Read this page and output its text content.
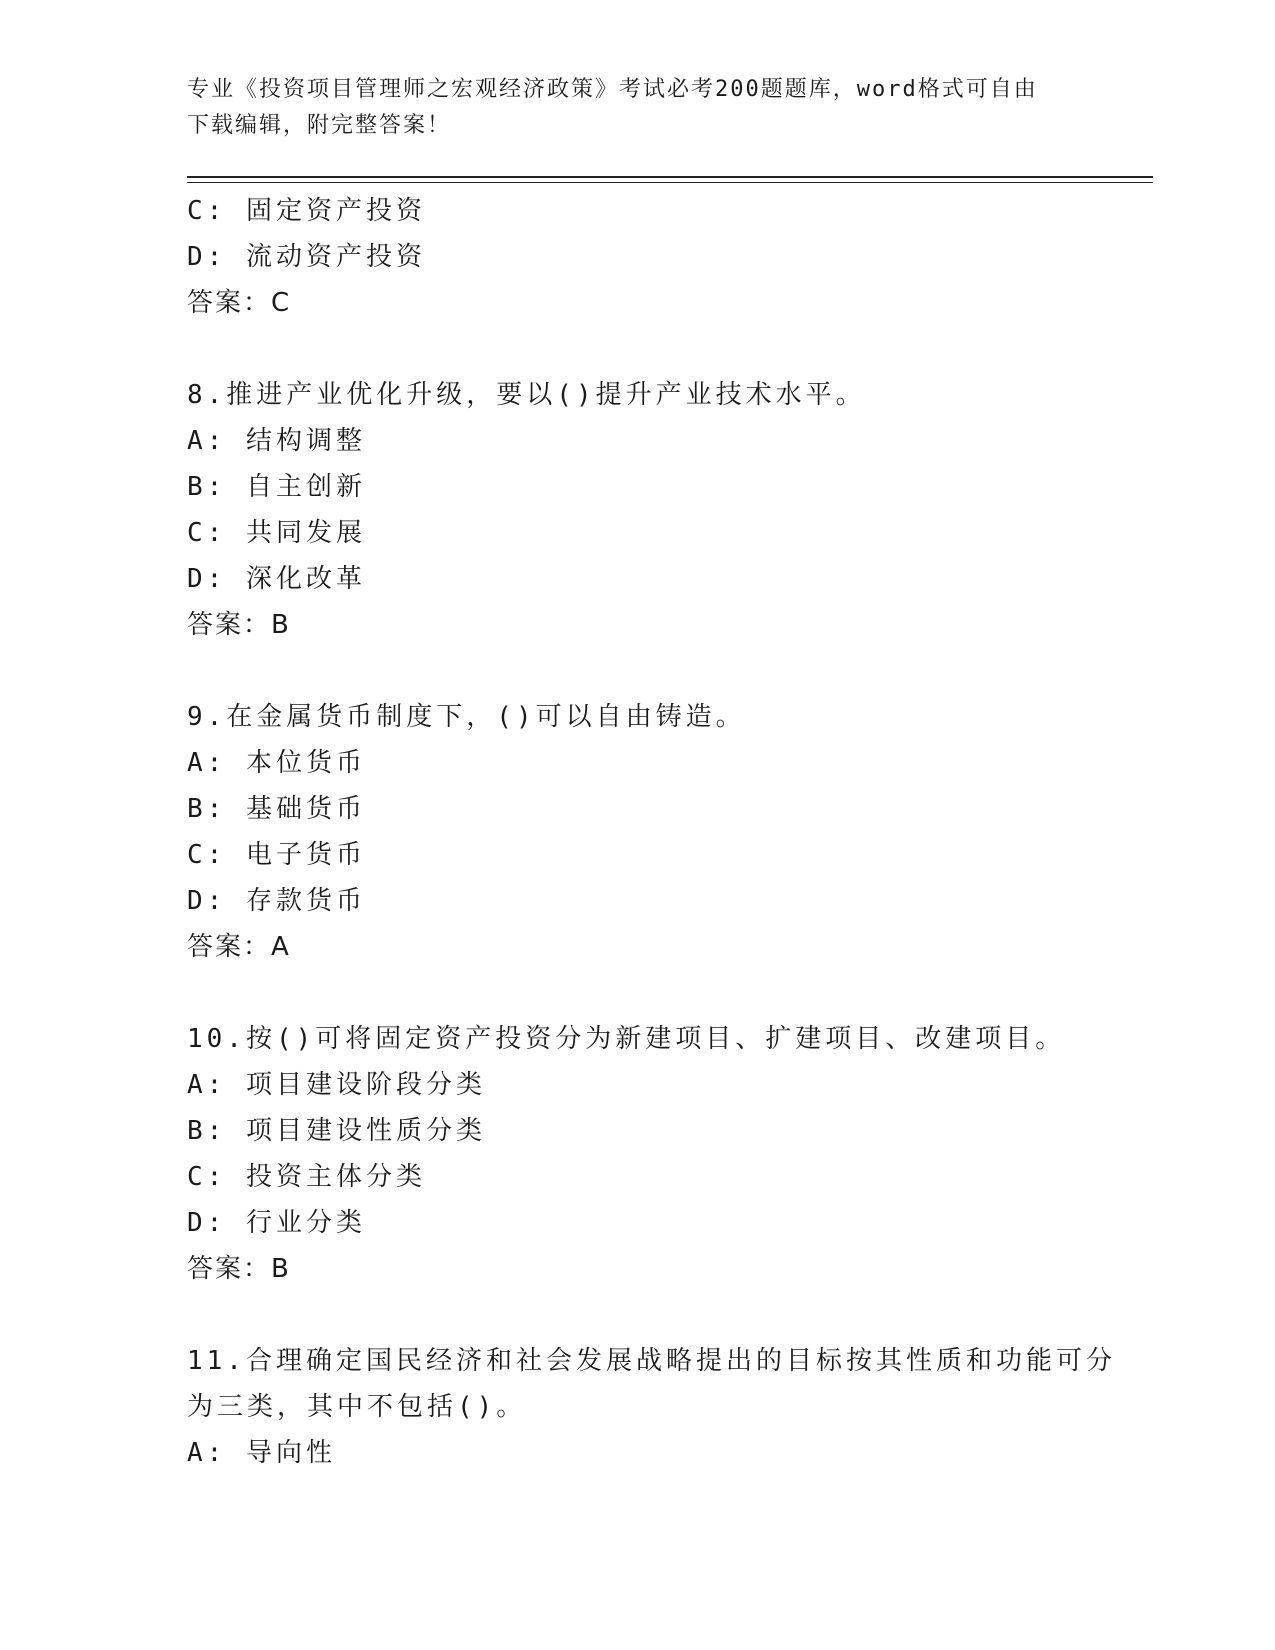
专业《投资项目管理师之宏观经济政策》考试必考200题题库，word格式可自由
下载编辑，附完整答案！
C: 固定资产投资
D: 流动资产投资
答案：C
8.推进产业优化升级，要以()提升产业技术水平。
A: 结构调整
B: 自主创新
C: 共同发展
D: 深化改革
答案：B
9.在金属货币制度下，()可以自由铸造。
A: 本位货币
B: 基础货币
C: 电子货币
D: 存款货币
答案：A
10.按()可将固定资产投资分为新建项目、扩建项目、改建项目。
A: 项目建设阶段分类
B: 项目建设性质分类
C: 投资主体分类
D: 行业分类
答案：B
11.合理确定国民经济和社会发展战略提出的目标按其性质和功能可分
为三类，其中不包括()。
A: 导向性
